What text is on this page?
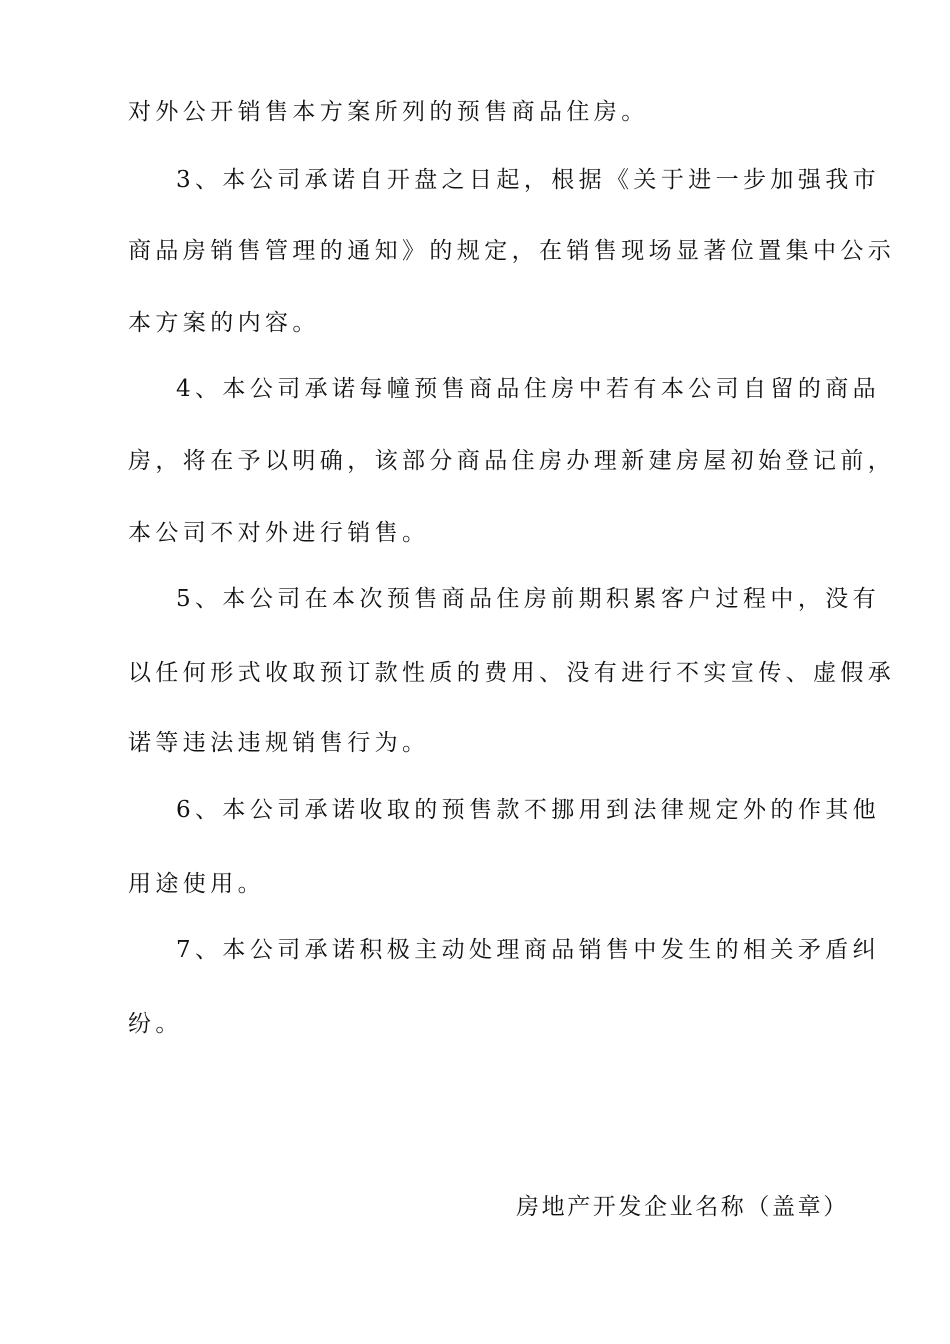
对外公开销售本方案所列的预售商品住房。
3、本公司承诺自开盘之日起，根据《关于进一步加强我市
商品房销售管理的通知》的规定，在销售现场显著位置集中公示
本方案的内容。
4、本公司承诺每幢预售商品住房中若有本公司自留的商品
房，将在予以明确，该部分商品住房办理新建房屋初始登记前，
本公司不对外进行销售。
5、本公司在本次预售商品住房前期积累客户过程中，没有
以任何形式收取预订款性质的费用、没有进行不实宣传、虚假承
诺等违法违规销售行为。
6、本公司承诺收取的预售款不挪用到法律规定外的作其他
用途使用。
7、本公司承诺积极主动处理商品销售中发生的相关矛盾纠
纷。
房地产开发企业名称（盖章）
